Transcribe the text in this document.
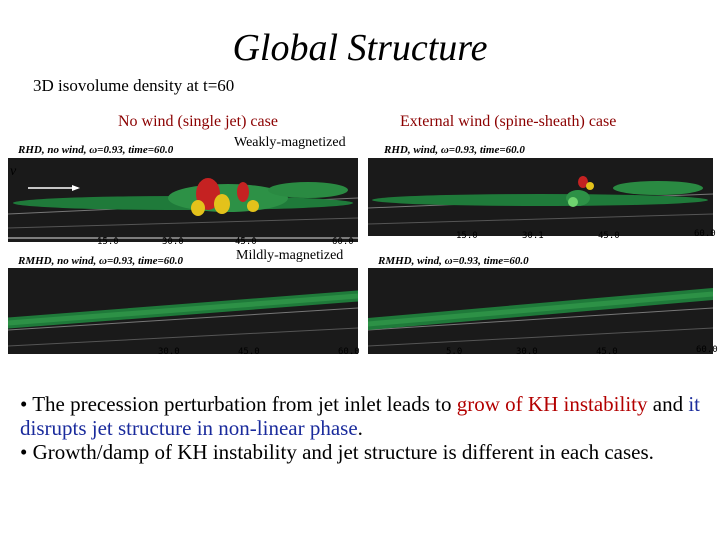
Global Structure
3D isovolume density at t=60
No wind (single jet) case	External wind (spine-sheath) case
Weakly-magnetized
Mildly-magnetized
RHD, no wind, ω=0.93, time=60.0
v
15.0	30.0	45.0	60.0
RHD, wind, ω=0.93, time=60.0
15.0	30.1	45.0	60.0
RMHD, no wind, ω=0.93, time=60.0
30.0	45.0	60.0
RMHD, wind, ω=0.93, time=60.0
5.0	30.0	45.0	60.0
• The precession perturbation from jet inlet leads to grow of KH instability and it disrupts jet structure in non-linear phase.
• Growth/damp of KH instability and jet structure is different in each cases.
